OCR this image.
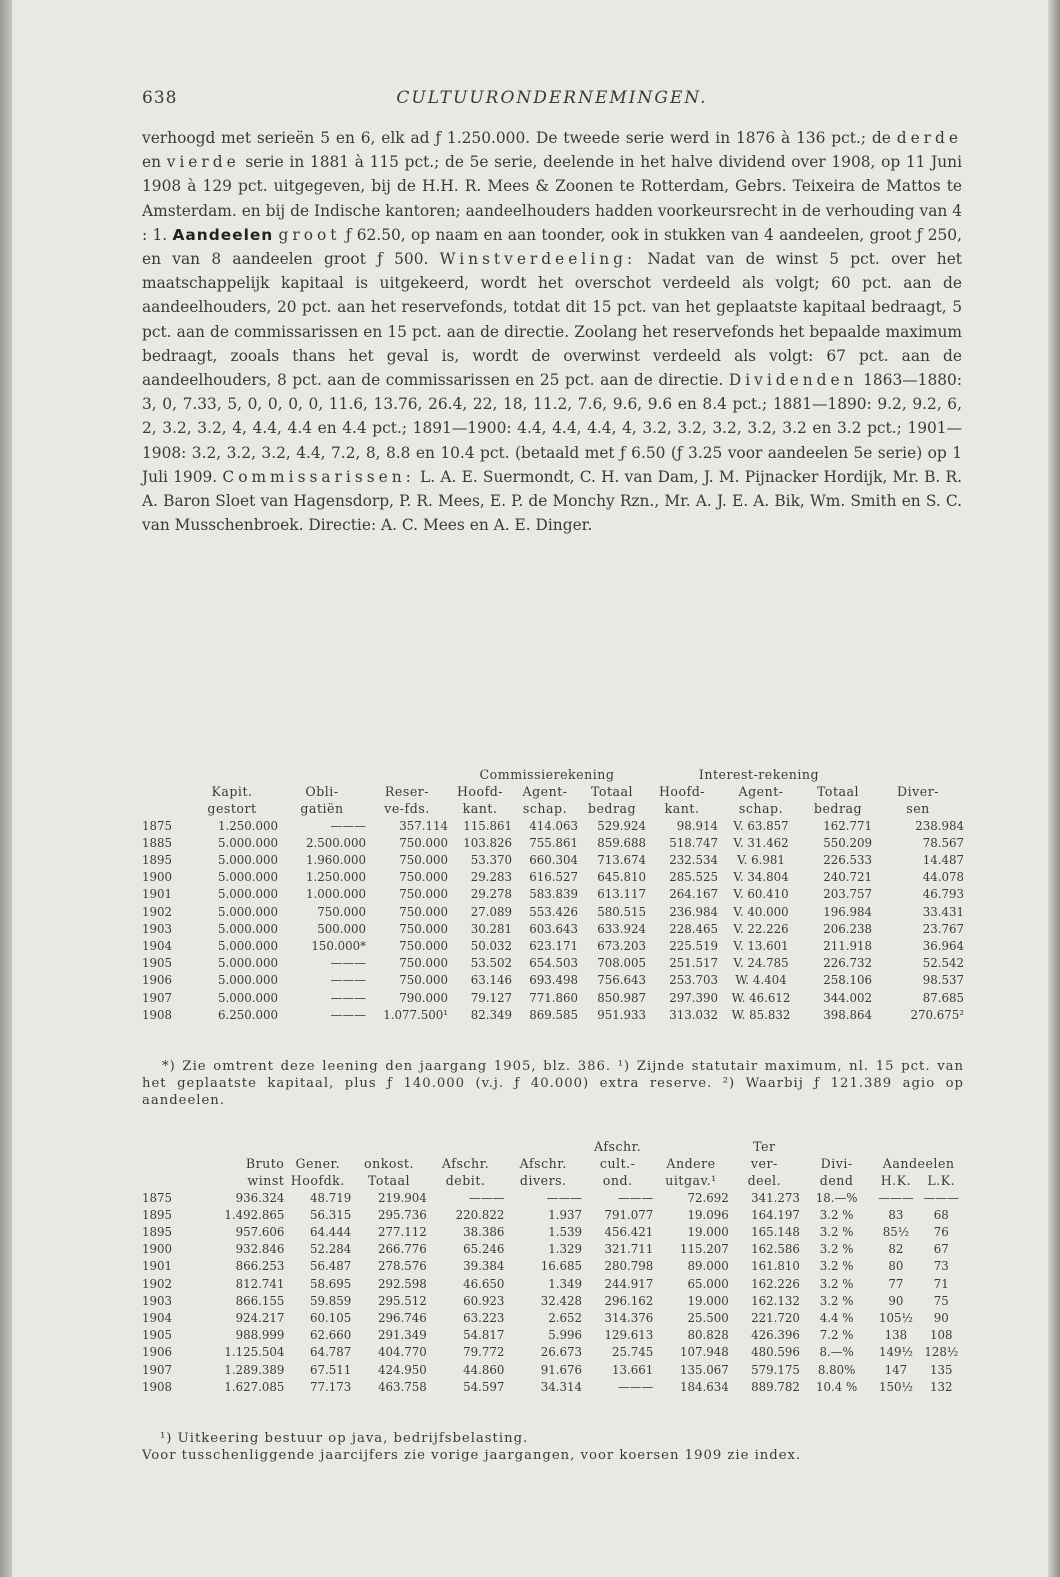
638	CULTUURONDERNEMINGEN.

verhoogd met serieën 5 en 6, elk ad ƒ 1.250.000. De tweede serie werd in 1876 à 136 pct.; de derde en vierde serie in 1881 à 115 pct.; de 5e serie, deelende in het halve dividend over 1908, op 11 Juni 1908 à 129 pct. uitgegeven, bij de H.H. R. Mees & Zoonen te Rotterdam, Gebrs. Teixeira de Mattos te Amsterdam. en bij de Indische kantoren; aandeelhouders hadden voorkeursrecht in de verhouding van 4 : 1. Aandeelen groot ƒ 62.50, op naam en aan toonder, ook in stukken van 4 aandeelen, groot ƒ 250, en van 8 aandeelen groot ƒ 500. Winstverdeeling: Nadat van de winst 5 pct. over het maatschappelijk kapitaal is uitgekeerd, wordt het overschot verdeeld als volgt; 60 pct. aan de aandeelhouders, 20 pct. aan het reservefonds, totdat dit 15 pct. van het geplaatste kapitaal bedraagt, 5 pct. aan de commissarissen en 15 pct. aan de directie. Zoolang het reservefonds het bepaalde maximum bedraagt, zooals thans het geval is, wordt de overwinst verdeeld als volgt: 67 pct. aan de aandeelhouders, 8 pct. aan de commissarissen en 25 pct. aan de directie. Dividenden 1863—1880: 3, 0, 7.33, 5, 0, 0, 0, 0, 11.6, 13.76, 26.4, 22, 18, 11.2, 7.6, 9.6, 9.6 en 8.4 pct.; 1881—1890: 9.2, 9.2, 6, 2, 3.2, 3.2, 4, 4.4, 4.4 en 4.4 pct.; 1891—1900: 4.4, 4.4, 4.4, 4, 3.2, 3.2, 3.2, 3.2, 3.2 en 3.2 pct.; 1901—1908: 3.2, 3.2, 3.2, 4.4, 7.2, 8, 8.8 en 10.4 pct. (betaald met ƒ 6.50 (ƒ 3.25 voor aandeelen 5e serie) op 1 Juli 1909. Commissarissen: L. A. E. Suermondt, C. H. van Dam, J. M. Pijnacker Hordijk, Mr. B. R. A. Baron Sloet van Hagensdorp, P. R. Mees, E. P. de Monchy Rzn., Mr. A. J. E. A. Bik, Wm. Smith en S. C. van Musschenbroek. Directie: A. C. Mees en A. E. Dinger.

				Commissierekening			Interest-rekening			
	Kapit.	Obli-	Reser-	Hoofd-	Agent-	Totaal	Hoofd-	Agent-	Totaal	Diver-
	gestort	gatiën	ve-fds.	kant.	schap.	bedrag	kant.	schap.	bedrag	sen
1875	1.250.000	———	357.114	115.861	414.063	529.924	98.914	V. 63.857	162.771	238.984
1885	5.000.000	2.500.000	750.000	103.826	755.861	859.688	518.747	V. 31.462	550.209	78.567
1895	5.000.000	1.960.000	750.000	53.370	660.304	713.674	232.534	V. 6.981	226.533	14.487
1900	5.000.000	1.250.000	750.000	29.283	616.527	645.810	285.525	V. 34.804	240.721	44.078
1901	5.000.000	1.000.000	750.000	29.278	583.839	613.117	264.167	V. 60.410	203.757	46.793
1902	5.000.000	750.000	750.000	27.089	553.426	580.515	236.984	V. 40.000	196.984	33.431
1903	5.000.000	500.000	750.000	30.281	603.643	633.924	228.465	V. 22.226	206.238	23.767
1904	5.000.000	150.000*	750.000	50.032	623.171	673.203	225.519	V. 13.601	211.918	36.964
1905	5.000.000	———	750.000	53.502	654.503	708.005	251.517	V. 24.785	226.732	52.542
1906	5.000.000	———	750.000	63.146	693.498	756.643	253.703	W. 4.404	258.106	98.537
1907	5.000.000	———	790.000	79.127	771.860	850.987	297.390	W. 46.612	344.002	87.685
1908	6.250.000	———	1.077.500¹	82.349	869.585	951.933	313.032	W. 85.832	398.864	270.675²

*) Zie omtrent deze leening den jaargang 1905, blz. 386. ¹) Zijnde statutair maximum, nl. 15 pct. van het geplaatste kapitaal, plus ƒ 140.000 (v.j. ƒ 40.000) extra reserve. ²) Waarbij ƒ 121.389 agio op aandeelen.

						Afschr.		Ter			
	Bruto	Gener.	onkost.	Afschr.	Afschr.	cult.-	Andere	ver-	Divi-	Aandeelen	
	winst	Hoofdk.	Totaal	debit.	divers.	ond.	uitgav.¹	deel.	dend	H.K.	L.K.
1875	936.324	48.719	219.904	———	———	———	72.692	341.273	18.—%	———	———
1895	1.492.865	56.315	295.736	220.822	1.937	791.077	19.096	164.197	3.2 %	83	68
1895	957.606	64.444	277.112	38.386	1.539	456.421	19.000	165.148	3.2 %	85½	76
1900	932.846	52.284	266.776	65.246	1.329	321.711	115.207	162.586	3.2 %	82	67
1901	866.253	56.487	278.576	39.384	16.685	280.798	89.000	161.810	3.2 %	80	73
1902	812.741	58.695	292.598	46.650	1.349	244.917	65.000	162.226	3.2 %	77	71
1903	866.155	59.859	295.512	60.923	32.428	296.162	19.000	162.132	3.2 %	90	75
1904	924.217	60.105	296.746	63.223	2.652	314.376	25.500	221.720	4.4 %	105½	90
1905	988.999	62.660	291.349	54.817	5.996	129.613	80.828	426.396	7.2 %	138	108
1906	1.125.504	64.787	404.770	79.772	26.673	25.745	107.948	480.596	8.—%	149½	128½
1907	1.289.389	67.511	424.950	44.860	91.676	13.661	135.067	579.175	8.80%	147	135
1908	1.627.085	77.173	463.758	54.597	34.314	———	184.634	889.782	10.4 %	150½	132

¹) Uitkeering bestuur op java, bedrijfsbelasting.

Voor tusschenliggende jaarcijfers zie vorige jaargangen, voor koersen 1909 zie index.
